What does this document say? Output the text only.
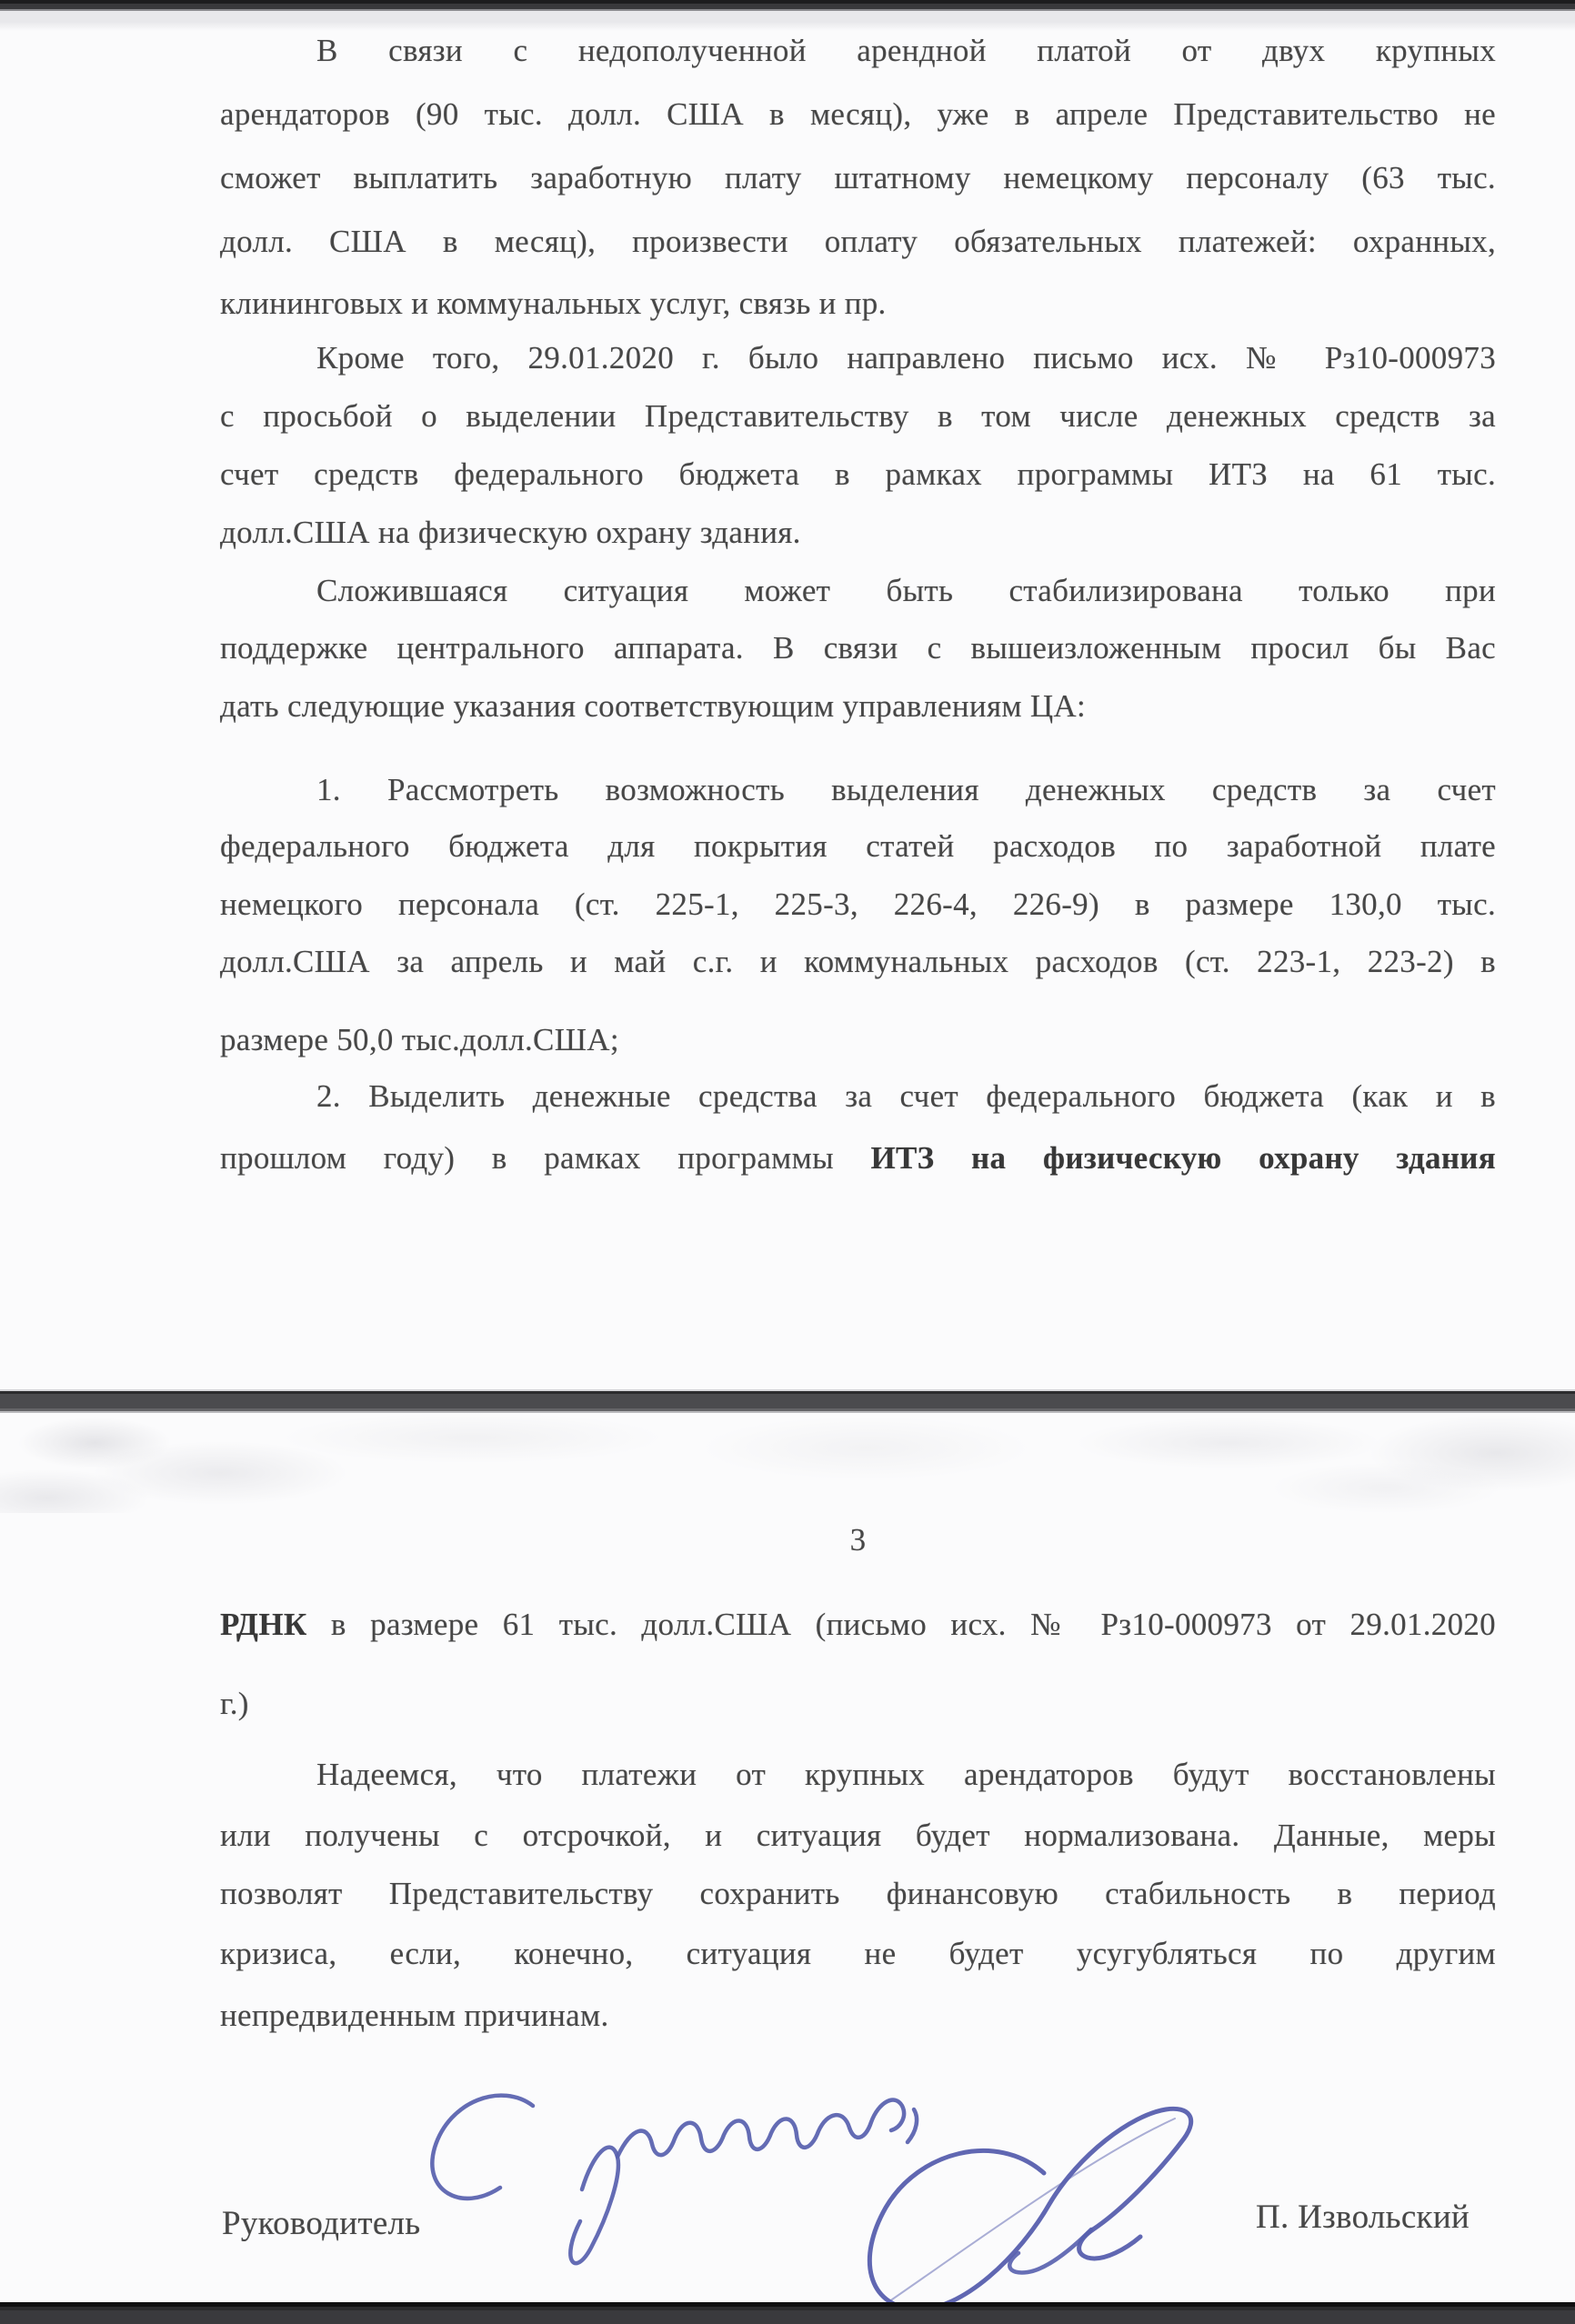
В связи с недополученной арендной платой от двух крупных
арендаторов (90 тыс. долл. США в месяц), уже в апреле Представительство не
сможет выплатить заработную плату штатному немецкому персоналу (63 тыс.
долл. США в месяц), произвести оплату обязательных платежей: охранных,
клининговых и коммунальных услуг, связь и пр.
Кроме того, 29.01.2020 г. было направлено письмо исх. № Рз10-000973
с просьбой о выделении Представительству в том числе денежных средств за
счет средств федерального бюджета в рамках программы ИТЗ на 61 тыс.
долл.США на физическую охрану здания.
Сложившаяся ситуация может быть стабилизирована только при
поддержке центрального аппарата. В связи с вышеизложенным просил бы Вас
дать следующие указания соответствующим управлениям ЦА:
1. Рассмотреть возможность выделения денежных средств за счет
федерального бюджета для покрытия статей расходов по заработной плате
немецкого персонала (ст. 225-1, 225-3, 226-4, 226-9) в размере 130,0 тыс.
долл.США за апрель и май с.г. и коммунальных расходов (ст. 223-1, 223-2) в
размере 50,0 тыс.долл.США;
2. Выделить денежные средства за счет федерального бюджета (как и в
прошлом году) в рамках программы ИТЗ на физическую охрану здания
3
РДНК в размере 61 тыс. долл.США (письмо исх. № Рз10-000973 от 29.01.2020
г.)
Надеемся, что платежи от крупных арендаторов будут восстановлены
или получены с отсрочкой, и ситуация будет нормализована. Данные, меры
позволят Представительству сохранить финансовую стабильность в период
кризиса, если, конечно, ситуация не будет усугубляться по другим
непредвиденным причинам.
Руководитель	П. Извольский
